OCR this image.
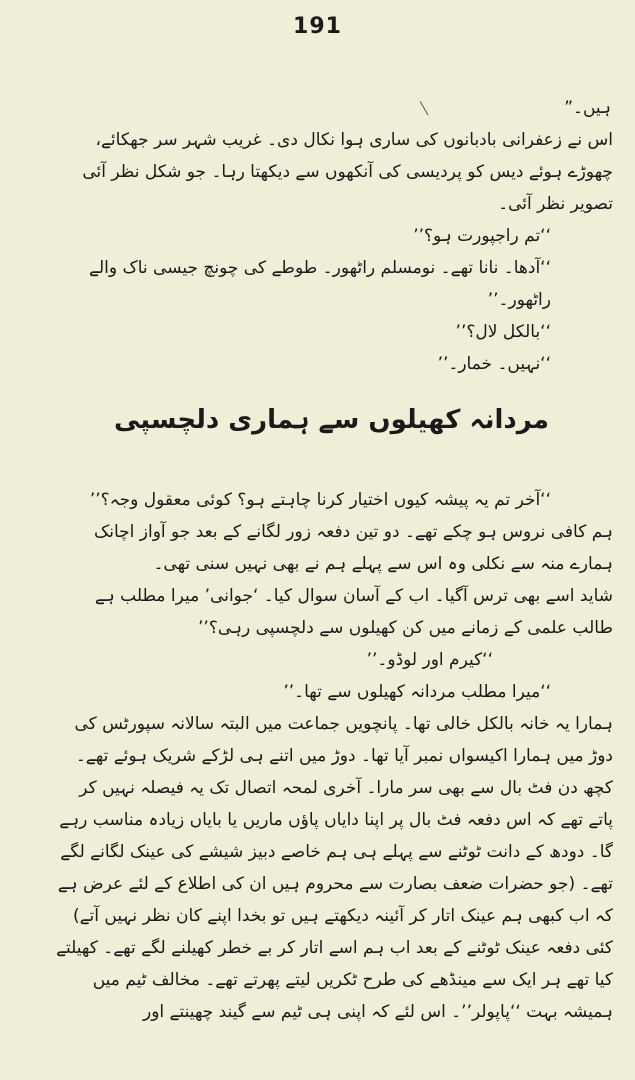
191

ہیں۔”

اس نے زعفرانی بادبانوں کی ساری ہوا نکال دی۔ غریب شہر سر جھکائے، چھوڑے ہوئے دیس کو پردیسی کی آنکھوں سے دیکھتا رہا۔ جو شکل نظر آئی تصویر نظر آئی۔

‘‘تم راجپورت ہو؟’’

‘‘آدھا۔ نانا تھے۔ نومسلم راٹھور۔ طوطے کی چونچ جیسی ناک والے راٹھور۔’’

‘‘بالکل لال؟’’

‘‘نہیں۔ خمار۔’’

مردانہ کھیلوں سے ہماری دلچسپی

‘‘آخر تم یہ پیشہ کیوں اختیار کرنا چاہتے ہو؟ کوئی معقول وجہ؟’’

ہم کافی نروس ہو چکے تھے۔ دو تین دفعہ زور لگانے کے بعد جو آواز اچانک ہمارے منہ سے نکلی وہ اس سے پہلے ہم نے بھی نہیں سنی تھی۔

شاید اسے بھی ترس آگیا۔ اب کے آسان سوال کیا۔ ‘جوانی’ میرا مطلب ہے طالب علمی کے زمانے میں کن کھیلوں سے دلچسپی رہی؟’’

‘‘کیرم اور لوڈو۔’’

‘‘میرا مطلب مردانہ کھیلوں سے تھا۔’’

ہمارا یہ خانہ بالکل خالی تھا۔ پانچویں جماعت میں البتہ سالانہ سپورٹس کی دوڑ میں ہمارا اکیسواں نمبر آیا تھا۔ دوڑ میں اتنے ہی لڑکے شریک ہوئے تھے۔ کچھ دن فٹ بال سے بھی سر مارا۔ آخری لمحہ اتصال تک یہ فیصلہ نہیں کر پاتے تھے کہ اس دفعہ فٹ بال پر اپنا دایاں پاؤں ماریں یا بایاں زیادہ مناسب رہے گا۔ دودھ کے دانت ٹوٹنے سے پہلے ہی ہم خاصے دبیز شیشے کی عینک لگانے لگے تھے۔ (جو حضرات ضعف بصارت سے محروم ہیں ان کی اطلاع کے لئے عرض ہے کہ اب کبھی ہم عینک اتار کر آئینہ دیکھتے ہیں تو بخدا اپنے کان نظر نہیں آتے) کئی دفعہ عینک ٹوٹنے کے بعد اب ہم اسے اتار کر بے خطر کھیلنے لگے تھے۔ کھیلتے کیا تھے ہر ایک سے مینڈھے کی طرح ٹکریں لیتے پھرتے تھے۔ مخالف ٹیم میں ہمیشہ بہت ‘‘پاپولر’’۔ اس لئے کہ اپنی ہی ٹیم سے گیند چھینتے اور
